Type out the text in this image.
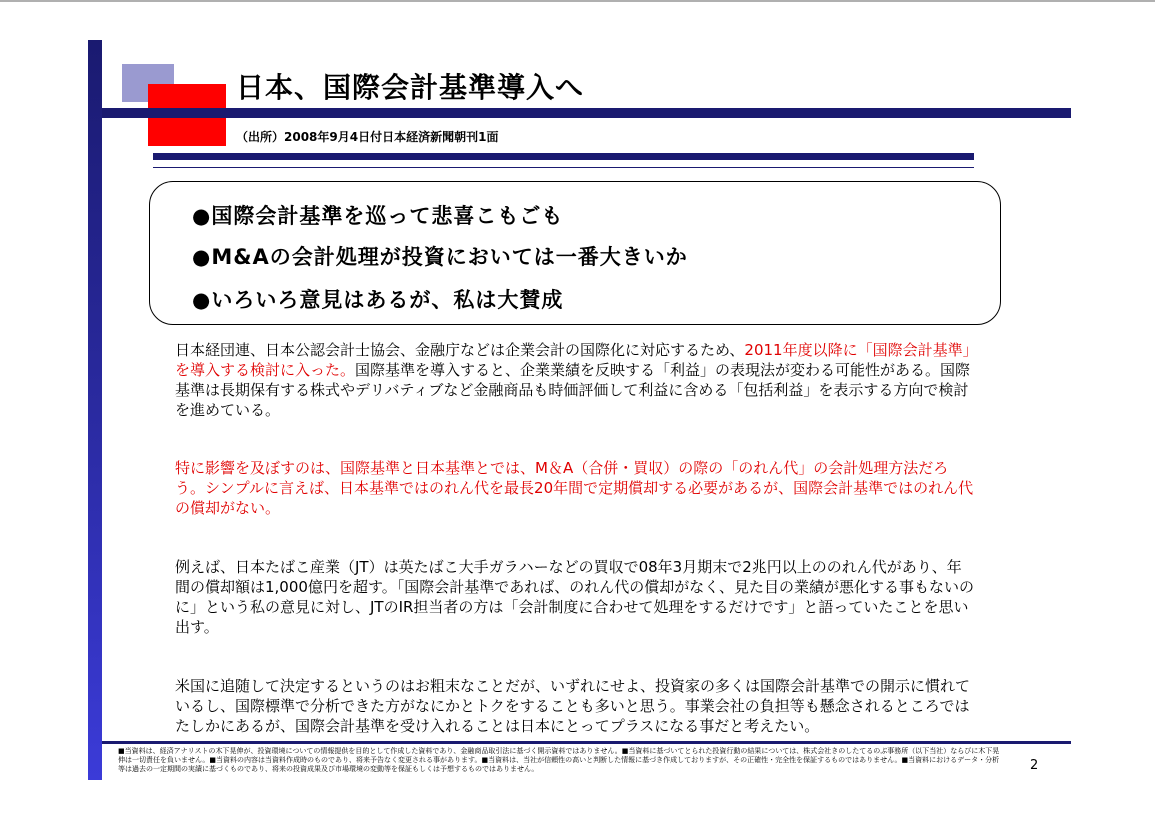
日本、国際会計基準導入へ
（出所）2008年9月4日付日本経済新聞朝刊1面
●国際会計基準を巡って悲喜こもごも
●M&Aの会計処理が投資においては一番大きいか
●いろいろ意見はあるが、私は大賛成
日本経団連、日本公認会計士協会、金融庁などは企業会計の国際化に対応するため、2011年度以降に「国際会計基準」を導入する検討に入った。国際基準を導入すると、企業業績を反映する「利益」の表現法が変わる可能性がある。国際基準は長期保有する株式やデリバティブなど金融商品も時価評価して利益に含める「包括利益」を表示する方向で検討を進めている。
特に影響を及ぼすのは、国際基準と日本基準とでは、M＆A（合併・買収）の際の「のれん代」の会計処理方法だろう。シンプルに言えば、日本基準ではのれん代を最長20年間で定期償却する必要があるが、国際会計基準ではのれん代の償却がない。
例えば、日本たばこ産業（JT）は英たばこ大手ガラハーなどの買収で08年3月期末で2兆円以上ののれん代があり、年間の償却額は1,000億円を超す。「国際会計基準であれば、のれん代の償却がなく、見た目の業績が悪化する事もないのに」という私の意見に対し、JTのIR担当者の方は「会計制度に合わせて処理をするだけです」と語っていたことを思い出す。
米国に追随して決定するというのはお粗末なことだが、いずれにせよ、投資家の多くは国際会計基準での開示に慣れているし、国際標準で分析できた方がなにかとトクをすることも多いと思う。事業会社の負担等も懸念されるところではたしかにあるが、国際会計基準を受け入れることは日本にとってプラスになる事だと考えたい。
■当資料は、経済アナリストの木下晃伸が、投資環境についての情報提供を目的として作成した資料であり、金融商品取引法に基づく開示資料ではありません。■当資料に基づいてとられた投資行動の結果については、株式会社きのしたてるのぶ事務所（以下当社）ならびに木下晃伸は一切責任を負いません。■当資料の内容は当資料作成時のものであり、将来予告なく変更される事があります。■当資料は、当社が信頼性の高いと判断した情報に基づき作成しておりますが、その正確性・完全性を保証するものではありません。■当資料におけるデータ・分析等は過去の一定期間の実績に基づくものであり、将来の投資成果及び市場環境の変動等を保証もしくは予想するものではありません。	2
